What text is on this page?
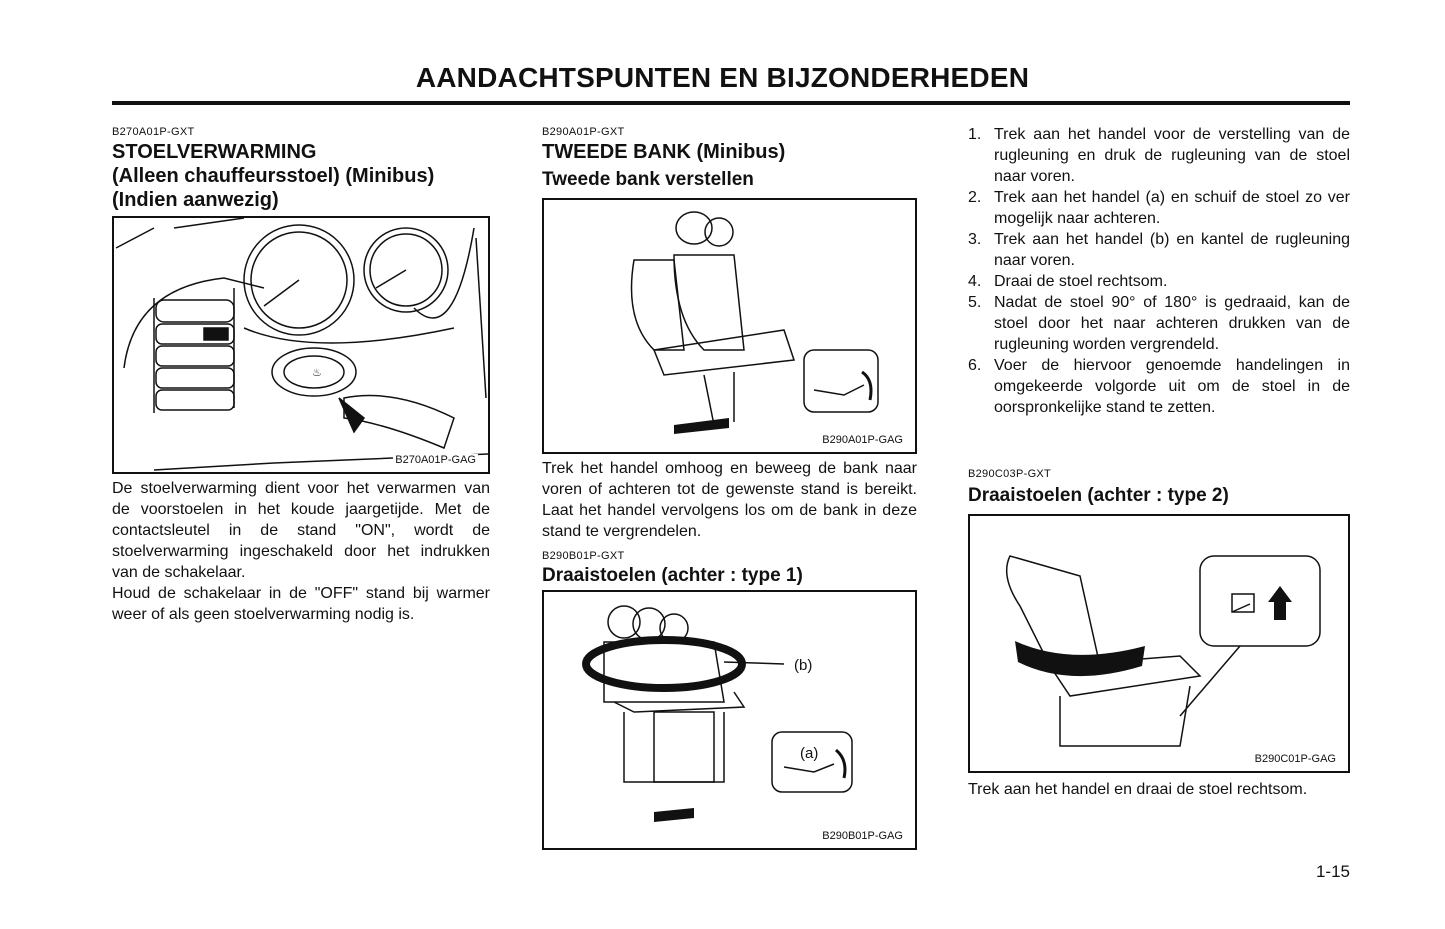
AANDACHTSPUNTEN EN BIJZONDERHEDEN

B270A01P-GXT

STOELVERWARMING

(Alleen chauffeursstoel) (Minibus)

(Indien aanwezig)

♨
B270A01P-GAG

De stoelverwarming dient voor het verwarmen van de voorstoelen in het koude jaargetijde. Met de contactsleutel in de stand "ON", wordt de stoelverwarming ingeschakeld door het indrukken van de schakelaar.

Houd de schakelaar in de "OFF" stand bij warmer weer of als geen stoelverwarming nodig is.

B290A01P-GXT

TWEEDE BANK (Minibus)

Tweede bank verstellen

B290A01P-GAG

Trek het handel omhoog en beweeg de bank naar voren of achteren tot de gewenste stand is bereikt. Laat het handel vervolgens los om de bank in deze stand te vergrendelen.

B290B01P-GXT

Draaistoelen (achter : type 1)

(b)
(a)
B290B01P-GAG
1. Trek aan het handel voor de verstelling van de rugleuning en druk de rugleuning van de stoel naar voren.
2. Trek aan het handel (a) en schuif de stoel zo ver mogelijk naar achteren.
3. Trek aan het handel (b) en kantel de rugleuning naar voren.
4. Draai de stoel rechtsom.
5. Nadat de stoel 90° of 180° is gedraaid, kan de stoel door het naar achteren drukken van de rugleuning worden vergrendeld.
6. Voer de hiervoor genoemde handelingen in omgekeerde volgorde uit om de stoel in de oorspronkelijke stand te zetten.

B290C03P-GXT

Draaistoelen (achter : type 2)

B290C01P-GAG

Trek aan het handel en draai de stoel rechtsom.

1-15
